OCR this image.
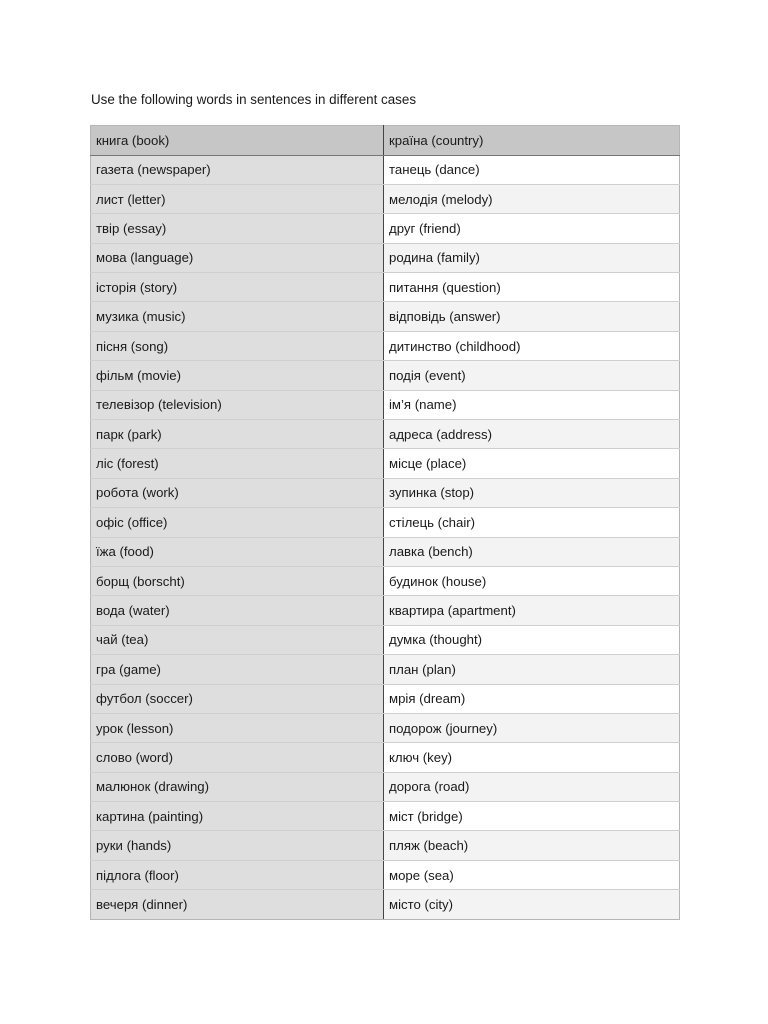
Use the following words in sentences in different cases
книга (book)	країна (country)
газета (newspaper)	танець (dance)
лист (letter)	мелодія (melody)
твір (essay)	друг (friend)
мова (language)	родина (family)
історія (story)	питання (question)
музика (music)	відповідь (answer)
пісня (song)	дитинство (childhood)
фільм (movie)	подія (event)
телевізор (television)	ім’я (name)
парк (park)	адреса (address)
ліс (forest)	місце (place)
робота (work)	зупинка (stop)
офіс (office)	стілець (chair)
їжа (food)	лавка (bench)
борщ (borscht)	будинок (house)
вода (water)	квартира (apartment)
чай (tea)	думка (thought)
гра (game)	план (plan)
футбол (soccer)	мрія (dream)
урок (lesson)	подорож (journey)
слово (word)	ключ (key)
малюнок (drawing)	дорога (road)
картина (painting)	міст (bridge)
руки (hands)	пляж (beach)
підлога (floor)	море (sea)
вечеря (dinner)	місто (city)
